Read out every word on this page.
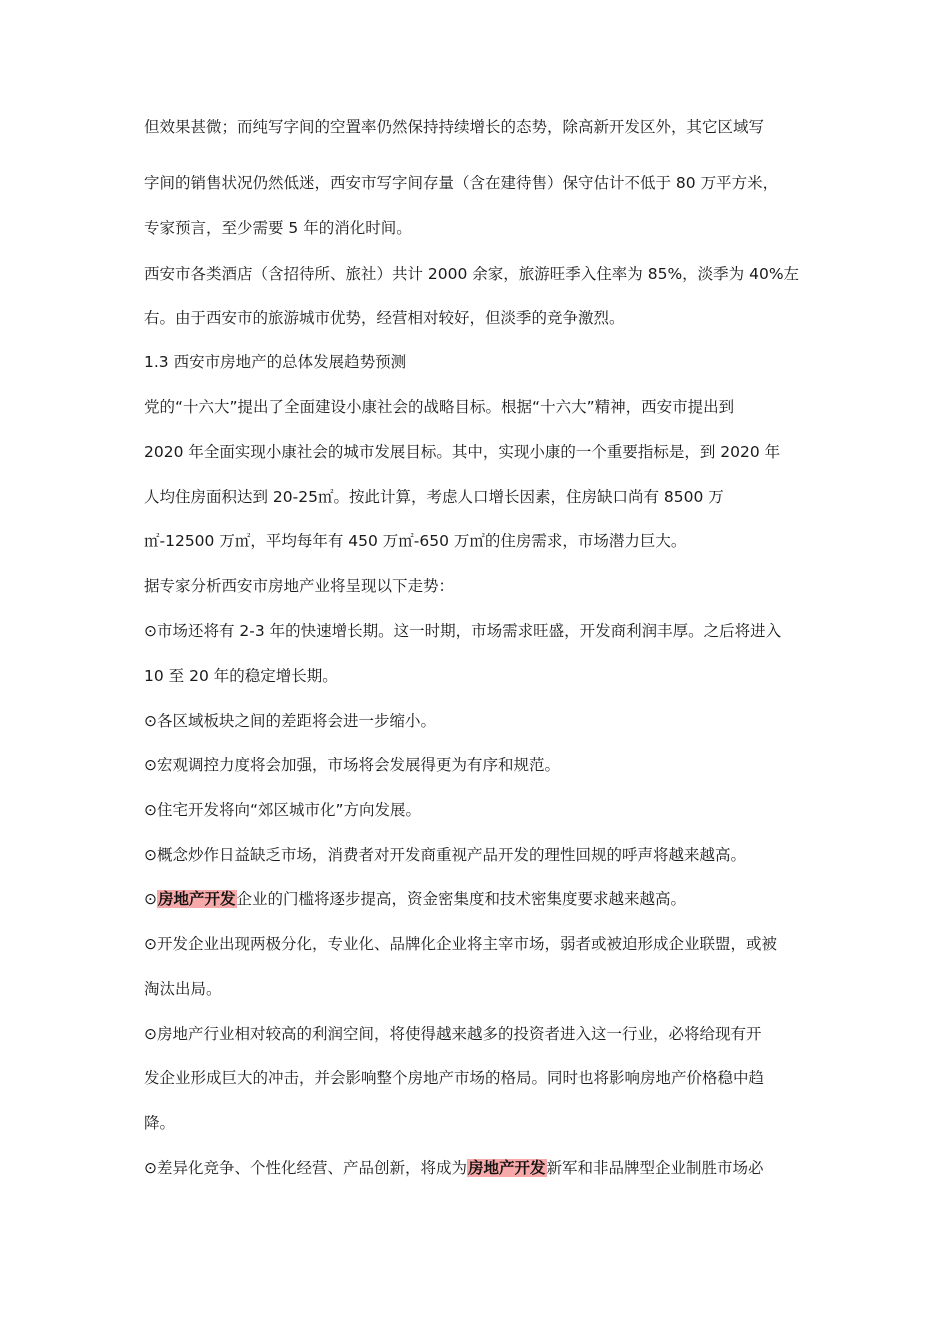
但效果甚微；而纯写字间的空置率仍然保持持续增长的态势，除高新开发区外，其它区域写

字间的销售状况仍然低迷，西安市写字间存量（含在建待售）保守估计不低于 80 万平方米，

专家预言，至少需要 5 年的消化时间。

西安市各类酒店（含招待所、旅社）共计 2000 余家，旅游旺季入住率为 85%，淡季为 40%左

右。由于西安市的旅游城市优势，经营相对较好，但淡季的竞争激烈。

1.3 西安市房地产的总体发展趋势预测

党的“十六大”提出了全面建设小康社会的战略目标。根据“十六大”精神，西安市提出到

2020 年全面实现小康社会的城市发展目标。其中，实现小康的一个重要指标是，到 2020 年

人均住房面积达到 20-25㎡。按此计算，考虑人口增长因素，住房缺口尚有 8500 万

㎡-12500 万㎡，平均每年有 450 万㎡-650 万㎡的住房需求，市场潜力巨大。

据专家分析西安市房地产业将呈现以下走势：

⊙市场还将有 2-3 年的快速增长期。这一时期，市场需求旺盛，开发商利润丰厚。之后将进入

10 至 20 年的稳定增长期。

⊙各区域板块之间的差距将会进一步缩小。

⊙宏观调控力度将会加强，市场将会发展得更为有序和规范。

⊙住宅开发将向“郊区城市化”方向发展。

⊙概念炒作日益缺乏市场，消费者对开发商重视产品开发的理性回规的呼声将越来越高。

⊙房地产开发企业的门槛将逐步提高，资金密集度和技术密集度要求越来越高。

⊙开发企业出现两极分化，专业化、品牌化企业将主宰市场，弱者或被迫形成企业联盟，或被

淘汰出局。

⊙房地产行业相对较高的利润空间，将使得越来越多的投资者进入这一行业，必将给现有开

发企业形成巨大的冲击，并会影响整个房地产市场的格局。同时也将影响房地产价格稳中趋

降。

⊙差异化竞争、个性化经营、产品创新，将成为房地产开发新军和非品牌型企业制胜市场必
